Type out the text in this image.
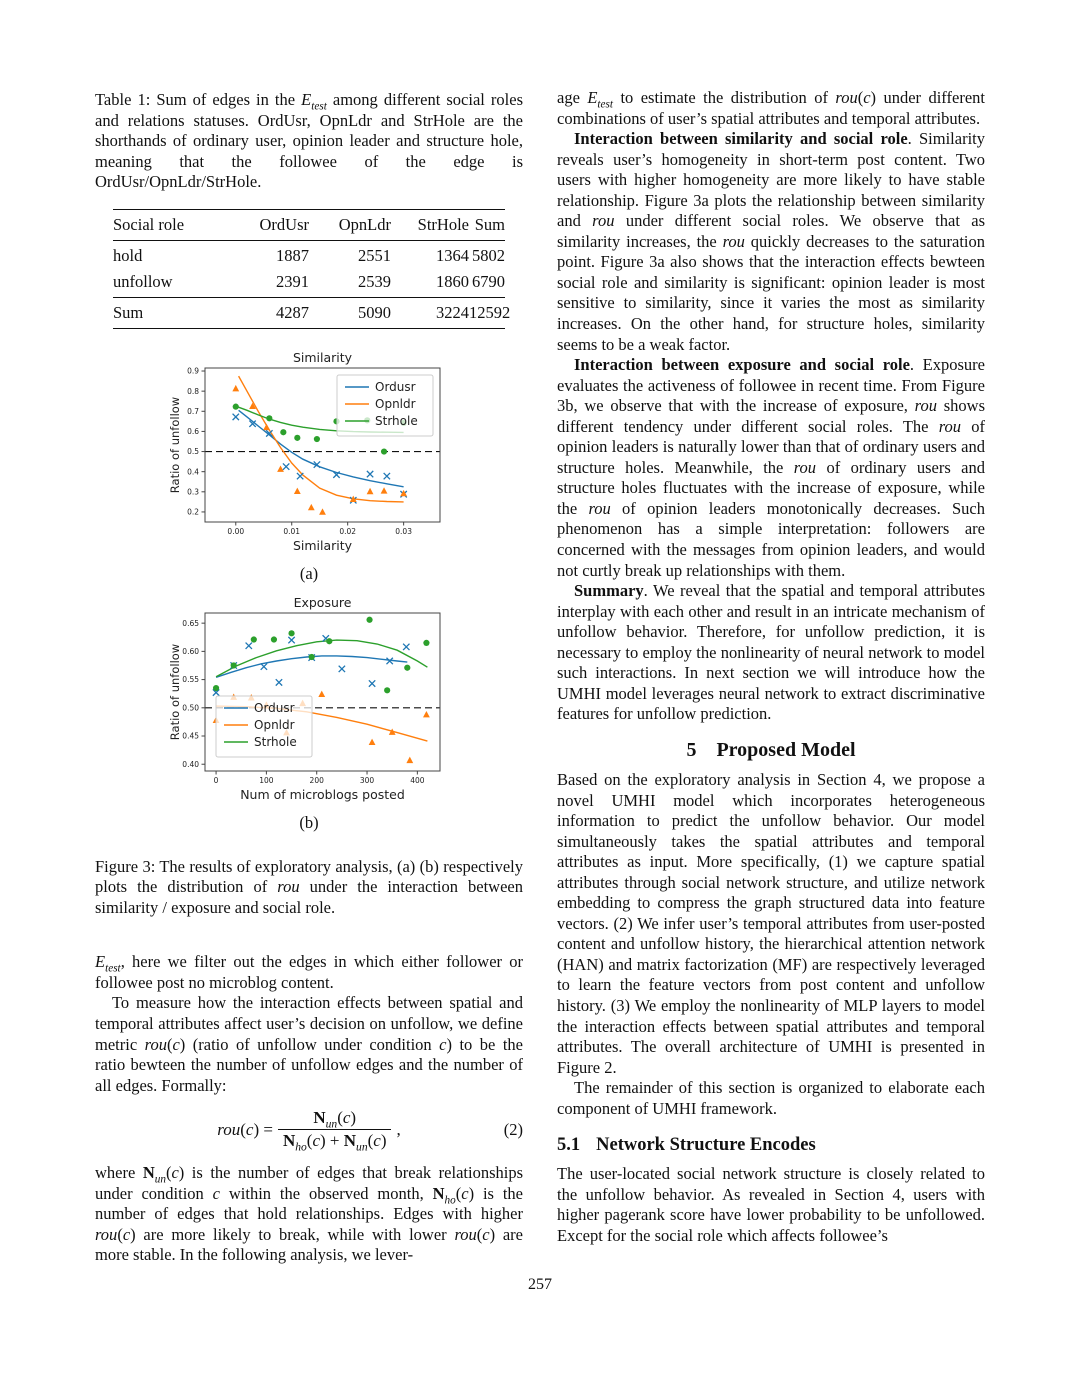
Table 1: Sum of edges in the $E_{test}$ among different social roles and relations statuses. OrdUsr, OpnLdr and StrHole are the shorthands of ordinary user, opinion leader and structure hole, meaning that the followee of the edge is OrdUsr/OpnLdr/StrHole.

Social role	OrdUsr	OpnLdr	StrHole Sum
hold	1887	2551	1364 5802
unfollow	2391	2539	1860 6790
Sum	4287	5090	3224 12592
0.00	0.01	0.02	0.03
0.2
0.3
0.4
0.5
0.6
0.7
0.8
0.9
Similarity
Similarity
Ratio of unfollow
Ordusr
Opnldr
Strhole
(a)
0	100	200	300	400
0.40
0.45
0.50
0.55
0.60
0.65
Exposure
Num of microblogs posted
Ratio of unfollow	Ordusr
Opnldr
Strhole
(b)

Figure 3: The results of exploratory analysis, (a) (b) respectively plots the distribution of rou under the interaction between similarity / exposure and social role.

$E_{test}$, here we filter out the edges in which either follower or followee post no microblog content.

To measure how the interaction effects between spatial and temporal attributes affect user’s decision on unfollow, we define metric rou(c) (ratio of unfollow under condition c) to be the ratio bewteen the number of unfollow edges and the number of all edges. Formally:

$rou(c) = \frac{N_{un}(c)}{N_{ho}(c) + N_{un}(c)}$ ,	(2)

where $N_{un}(c)$ is the number of edges that break relationships under condition c within the observed month, $N_{ho}(c)$ is the number of edges that hold relationships. Edges with higher rou(c) are more likely to break, while with lower rou(c) are more stable. In the following analysis, we lever-

age $E_{test}$ to estimate the distribution of rou(c) under different combinations of user’s spatial attributes and temporal attributes.

Interaction between similarity and social role. Similarity reveals user’s homogeneity in short-term post content. Two users with higher homogeneity are more likely to have stable relationship. Figure 3a plots the relationship between similarity and rou under different social roles. We observe that as similarity increases, the rou quickly decreases to the saturation point. Figure 3a also shows that the interaction effects bewteen social role and similarity is significant: opinion leader is most sensitive to similarity, since it varies the most as similarity increases. On the other hand, for structure holes, similarity seems to be a weak factor.

Interaction between exposure and social role. Exposure evaluates the activeness of followee in recent time. From Figure 3b, we observe that with the increase of exposure, rou shows different tendency under different social roles. The rou of opinion leaders is naturally lower than that of ordinary users and structure holes. Meanwhile, the rou of ordinary users and structure holes fluctuates with the increase of exposure, while the rou of opinion leaders monotonically decreases. Such phenomenon has a simple interpretation: followers are concerned with the messages from opinion leaders, and would not curtly break up relationships with them.

Summary. We reveal that the spatial and temporal attributes interplay with each other and result in an intricate mechanism of unfollow behavior. Therefore, for unfollow prediction, it is necessary to employ the nonlinearity of neural network to model such interactions. In next section we will introduce how the UMHI model leverages neural network to extract discriminative features for unfollow prediction.

5 Proposed Model

Based on the exploratory analysis in Section 4, we propose a novel UMHI model which incorporates heterogeneous information to predict the unfollow behavior. Our model simultaneously takes the spatial attributes and temporal attributes as input. More specifically, (1) we capture spatial attributes through social network structure, and utilize network embedding to compress the graph structured data into feature vectors. (2) We infer user’s temporal attributes from user-posted content and unfollow history, the hierarchical attention network (HAN) and matrix factorization (MF) are respectively leveraged to learn the feature vectors from post content and unfollow history. (3) We employ the nonlinearity of MLP layers to model the interaction effects between spatial attributes and temporal attributes. The overall architecture of UMHI is presented in Figure 2.

The remainder of this section is organized to elaborate each component of UMHI framework.

5.1 Network Structure Encodes

The user-located social network structure is closely related to the unfollow behavior. As revealed in Section 4, users with higher pagerank score have lower probability to be unfollowed. Except for the social role which affects followee’s

257
